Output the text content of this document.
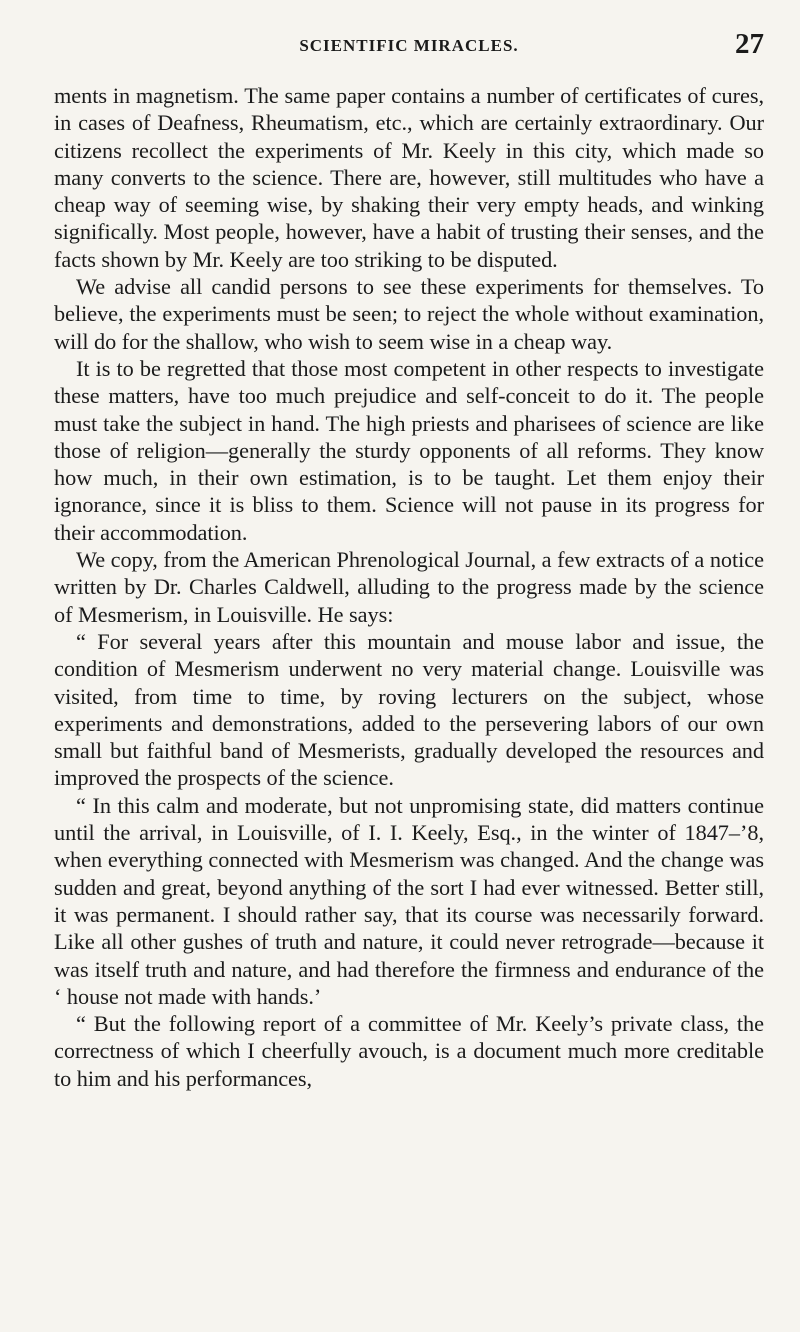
SCIENTIFIC MIRACLES.	27

ments in magnetism. The same paper contains a number of certificates of cures, in cases of Deafness, Rheumatism, etc., which are certainly extraordinary. Our citizens recollect the experiments of Mr. Keely in this city, which made so many converts to the science. There are, however, still multitudes who have a cheap way of seeming wise, by shaking their very empty heads, and winking significally. Most people, however, have a habit of trusting their senses, and the facts shown by Mr. Keely are too striking to be disputed.

We advise all candid persons to see these experiments for themselves. To believe, the experiments must be seen; to reject the whole without examination, will do for the shallow, who wish to seem wise in a cheap way.

It is to be regretted that those most competent in other respects to investigate these matters, have too much prejudice and self-conceit to do it. The people must take the subject in hand. The high priests and pharisees of science are like those of religion—generally the sturdy opponents of all reforms. They know how much, in their own estimation, is to be taught. Let them enjoy their ignorance, since it is bliss to them. Science will not pause in its progress for their accommodation.

We copy, from the American Phrenological Journal, a few extracts of a notice written by Dr. Charles Caldwell, alluding to the progress made by the science of Mesmerism, in Louisville. He says:

“ For several years after this mountain and mouse labor and issue, the condition of Mesmerism underwent no very material change. Louisville was visited, from time to time, by roving lecturers on the subject, whose experiments and demonstrations, added to the persevering labors of our own small but faithful band of Mesmerists, gradually developed the resources and improved the prospects of the science.

“ In this calm and moderate, but not unpromising state, did matters continue until the arrival, in Louisville, of I. I. Keely, Esq., in the winter of 1847–’8, when everything connected with Mesmerism was changed. And the change was sudden and great, beyond anything of the sort I had ever witnessed. Better still, it was permanent. I should rather say, that its course was necessarily forward. Like all other gushes of truth and nature, it could never retrograde—because it was itself truth and nature, and had therefore the firmness and endurance of the ‘ house not made with hands.’

“ But the following report of a committee of Mr. Keely’s private class, the correctness of which I cheerfully avouch, is a document much more creditable to him and his performances,
